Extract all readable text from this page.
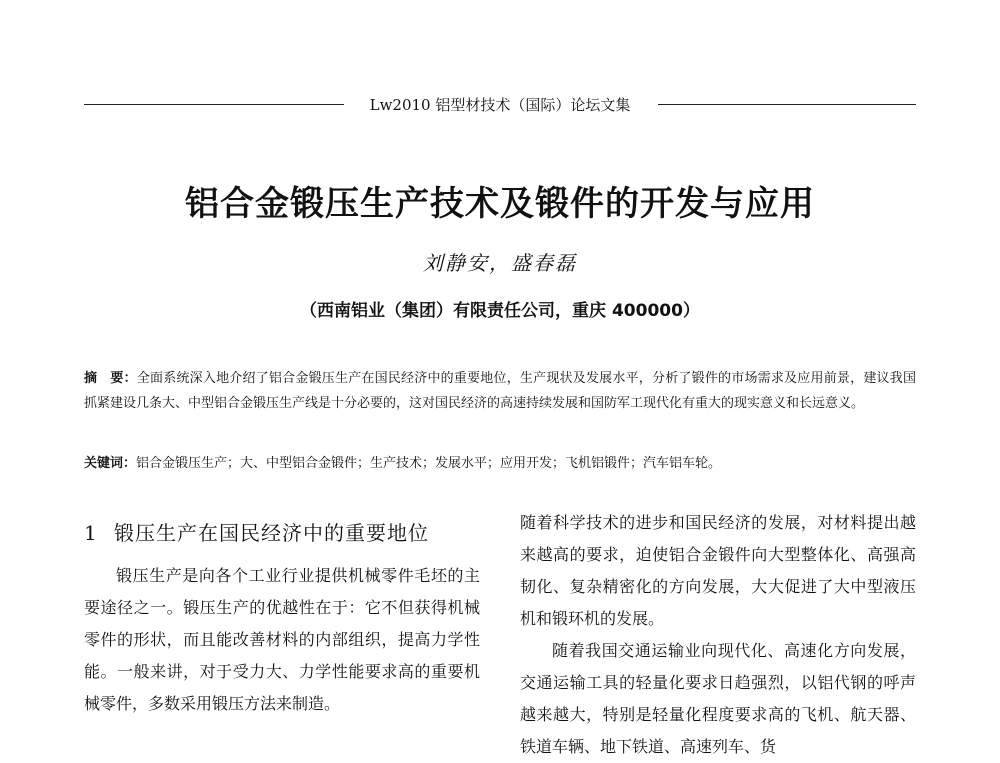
Lw2010 铝型材技术（国际）论坛文集
铝合金锻压生产技术及锻件的开发与应用
刘静安，盛春磊
（西南铝业（集团）有限责任公司，重庆 400000）
摘　要：全面系统深入地介绍了铝合金锻压生产在国民经济中的重要地位，生产现状及发展水平，分析了锻件的市场需求及应用前景，建议我国抓紧建设几条大、中型铝合金锻压生产线是十分必要的，这对国民经济的高速持续发展和国防军工现代化有重大的现实意义和长远意义。
关键词：铝合金锻压生产；大、中型铝合金锻件；生产技术；发展水平；应用开发；飞机铝锻件；汽车铝车轮。
1 锻压生产在国民经济中的重要地位

锻压生产是向各个工业行业提供机械零件毛坯的主要途径之一。锻压生产的优越性在于：它不但获得机械零件的形状，而且能改善材料的内部组织，提高力学性能。一般来讲，对于受力大、力学性能要求高的重要机械零件，多数采用锻压方法来制造。

随着科学技术的进步和国民经济的发展，对材料提出越来越高的要求，迫使铝合金锻件向大型整体化、高强高韧化、复杂精密化的方向发展，大大促进了大中型液压机和锻环机的发展。

随着我国交通运输业向现代化、高速化方向发展，交通运输工具的轻量化要求日趋强烈，以铝代钢的呼声越来越大，特别是轻量化程度要求高的飞机、航天器、铁道车辆、地下铁道、高速列车、货
